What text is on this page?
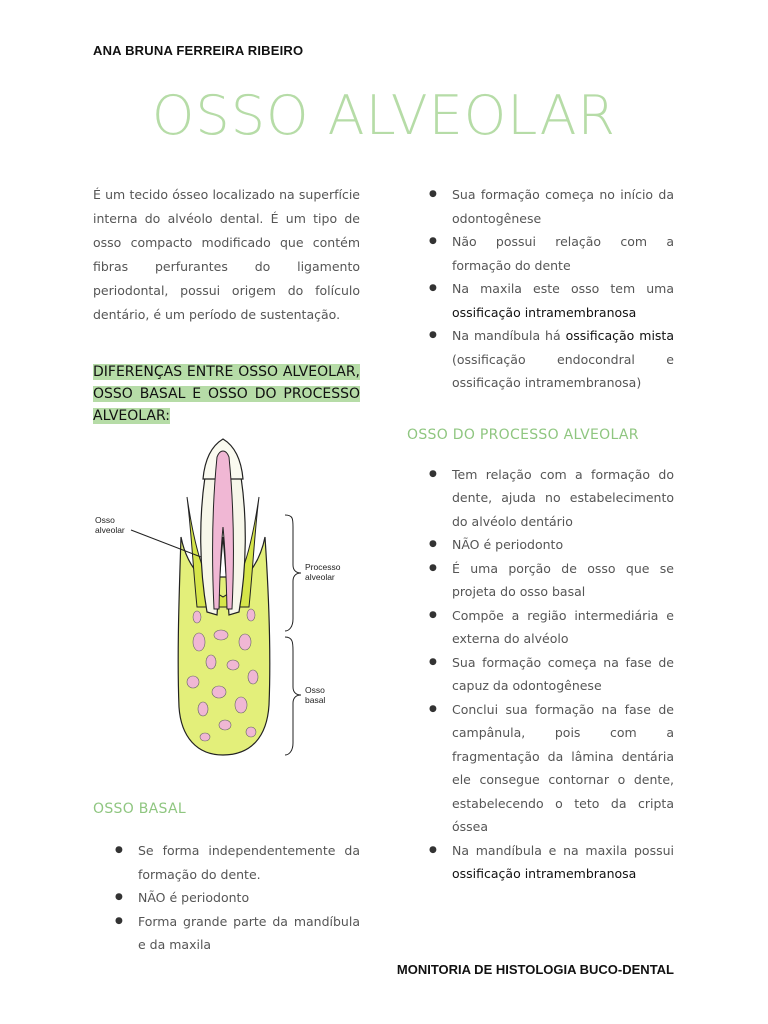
ANA BRUNA FERREIRA RIBEIRO
OSSO ALVEOLAR

É um tecido ósseo localizado na superfície interna do alvéolo dental. É um tipo de osso compacto modificado que contém fibras perfurantes do ligamento periodontal, possui origem do folículo dentário, é um período de sustentação.

DIFERENÇAS ENTRE OSSO ALVEOLAR, OSSO BASAL E OSSO DO PROCESSO ALVEOLAR:
Osso
alveolar
Processo
alveolar
Osso
basal

OSSO BASAL

● Se forma independentemente da formação do dente.
● NÃO é periodonto
● Forma grande parte da mandíbula e da maxila
● Sua formação começa no início da odontogênese
● Não possui relação com a formação do dente
● Na maxila este osso tem uma ossificação intramembranosa
● Na mandíbula há ossificação mista (ossificação endocondral e ossificação intramembranosa)

OSSO DO PROCESSO ALVEOLAR

● Tem relação com a formação do dente, ajuda no estabelecimento do alvéolo dentário
● NÃO é periodonto
● É uma porção de osso que se projeta do osso basal
● Compõe a região intermediária e externa do alvéolo
● Sua formação começa na fase de capuz da odontogênese
● Conclui sua formação na fase de campânula, pois com a fragmentação da lâmina dentária ele consegue contornar o dente, estabelecendo o teto da cripta óssea
● Na mandíbula e na maxila possui ossificação intramembranosa
MONITORIA DE HISTOLOGIA BUCO-DENTAL
